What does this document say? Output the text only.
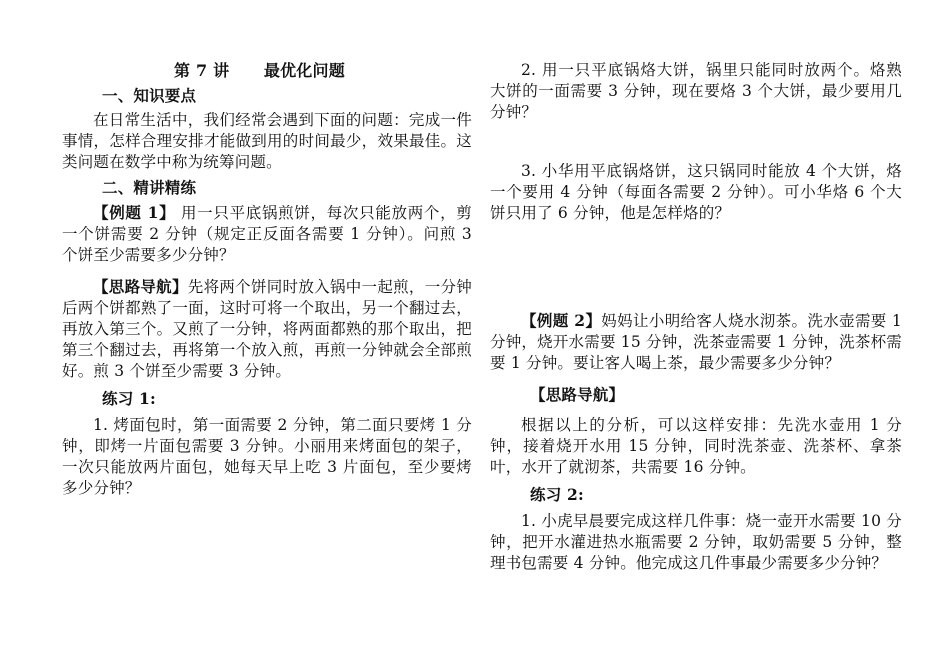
第 7 讲      最优化问题

一、知识要点

在日常生活中，我们经常会遇到下面的问题：完成一件事情，怎样合理安排才能做到用的时间最少，效果最佳。这类问题在数学中称为统筹问题。

二、精讲精练

【例题 1】 用一只平底锅煎饼，每次只能放两个，剪一个饼需要 2 分钟（规定正反面各需要 1 分钟）。问煎 3 个饼至少需要多少分钟？

【思路导航】先将两个饼同时放入锅中一起煎，一分钟后两个饼都熟了一面，这时可将一个取出，另一个翻过去，再放入第三个。又煎了一分钟，将两面都熟的那个取出，把第三个翻过去，再将第一个放入煎，再煎一分钟就会全部煎好。煎 3 个饼至少需要 3 分钟。

练习 1:

1. 烤面包时，第一面需要 2 分钟，第二面只要烤 1 分钟，即烤一片面包需要 3 分钟。小丽用来烤面包的架子，一次只能放两片面包，她每天早上吃 3 片面包，至少要烤多少分钟？

2. 用一只平底锅烙大饼，锅里只能同时放两个。烙熟大饼的一面需要 3 分钟，现在要烙 3 个大饼，最少要用几分钟？

3. 小华用平底锅烙饼，这只锅同时能放 4 个大饼，烙一个要用 4 分钟（每面各需要 2 分钟）。可小华烙 6 个大饼只用了 6 分钟，他是怎样烙的？

【例题 2】妈妈让小明给客人烧水沏茶。洗水壶需要 1 分钟，烧开水需要 15 分钟，洗茶壶需要 1 分钟，洗茶杯需要 1 分钟。要让客人喝上茶，最少需要多少分钟？

【思路导航】

根据以上的分析，可以这样安排：先洗水壶用 1 分钟，接着烧开水用 15 分钟，同时洗茶壶、洗茶杯、拿茶叶，水开了就沏茶，共需要 16 分钟。

练习 2:

1. 小虎早晨要完成这样几件事：烧一壶开水需要 10 分钟，把开水灌进热水瓶需要 2 分钟，取奶需要 5 分钟，整理书包需要 4 分钟。他完成这几件事最少需要多少分钟？
